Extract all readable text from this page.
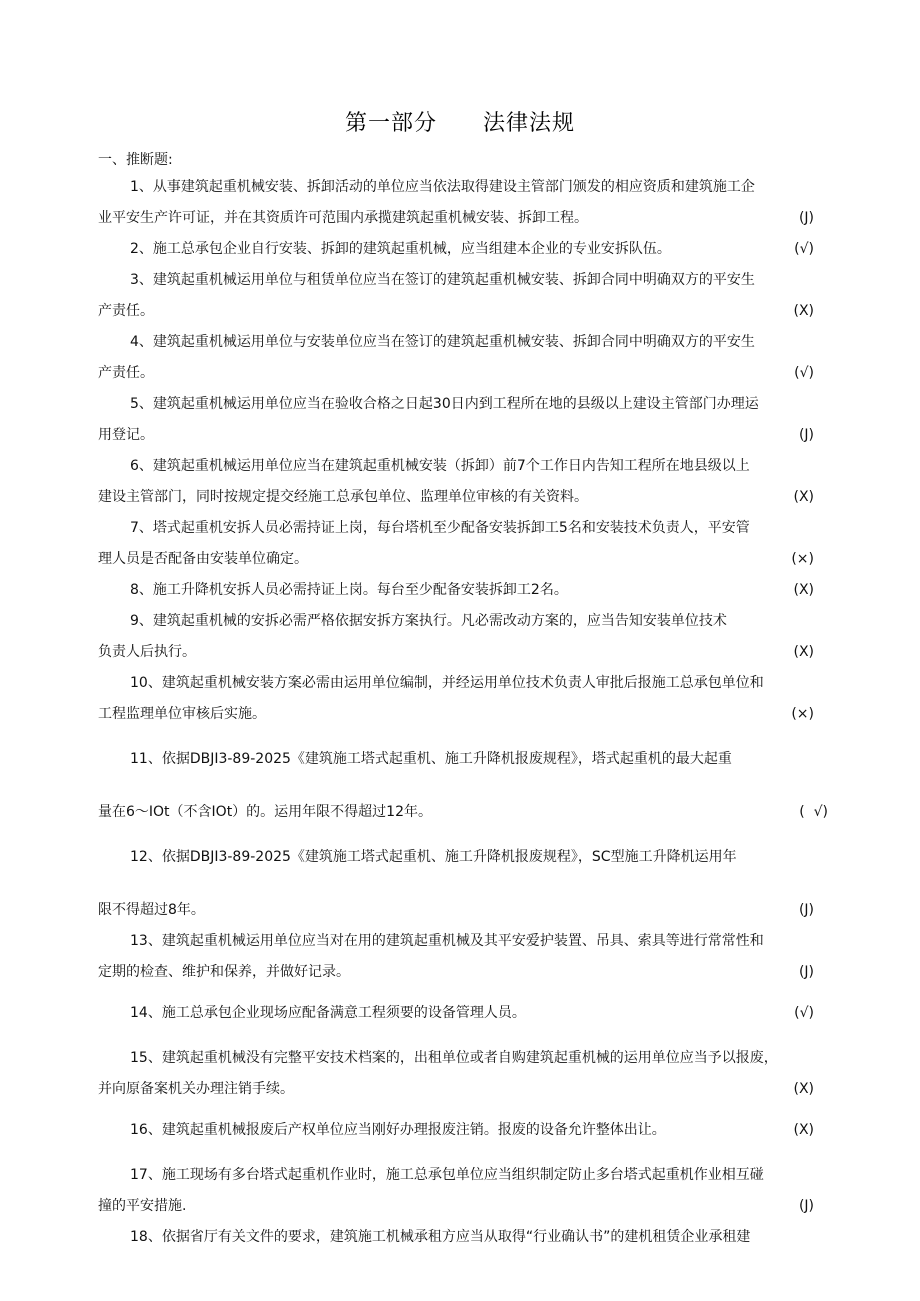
第一部分 法律法规
一、推断题:
1、从事建筑起重机械安装、拆卸活动的单位应当依法取得建设主管部门颁发的相应资质和建筑施工企
业平安生产许可证，并在其资质许可范围内承揽建筑起重机械安装、拆卸工程。	(J)
2、施工总承包企业自行安装、拆卸的建筑起重机械，应当组建本企业的专业安拆队伍。	(√)
3、建筑起重机械运用单位与租赁单位应当在签订的建筑起重机械安装、拆卸合同中明确双方的平安生
产责任。	(X)
4、建筑起重机械运用单位与安装单位应当在签订的建筑起重机械安装、拆卸合同中明确双方的平安生
产责任。	(√)
5、建筑起重机械运用单位应当在验收合格之日起30日内到工程所在地的县级以上建设主管部门办理运
用登记。	(J)
6、建筑起重机械运用单位应当在建筑起重机械安装（拆卸）前7个工作日内告知工程所在地县级以上
建设主管部门，同时按规定提交经施工总承包单位、监理单位审核的有关资料。	(X)
7、塔式起重机安拆人员必需持证上岗，每台塔机至少配备安装拆卸工5名和安装技术负责人，平安管
理人员是否配备由安装单位确定。	(×)
8、施工升降机安拆人员必需持证上岗。每台至少配备安装拆卸工2名。	(X)
9、建筑起重机械的安拆必需严格依据安拆方案执行。凡必需改动方案的，应当告知安装单位技术
负责人后执行。	(X)
10、建筑起重机械安装方案必需由运用单位编制，并经运用单位技术负责人审批后报施工总承包单位和
工程监理单位审核后实施。	(×)
11、依据DBJI3-89-2025《建筑施工塔式起重机、施工升降机报废规程》，塔式起重机的最大起重
量在6～IOt（不含IOt）的。运用年限不得超过12年。	(  √)
12、依据DBJI3-89-2025《建筑施工塔式起重机、施工升降机报废规程》，SC型施工升降机运用年
限不得超过8年。	(J)
13、建筑起重机械运用单位应当对在用的建筑起重机械及其平安爱护装置、吊具、索具等进行常常性和
定期的检查、维护和保养，并做好记录。	(J)
14、施工总承包企业现场应配备满意工程须要的设备管理人员。	(√)
15、建筑起重机械没有完整平安技术档案的，出租单位或者自购建筑起重机械的运用单位应当予以报废，
并向原备案机关办理注销手续。	(X)
16、建筑起重机械报废后产权单位应当刚好办理报废注销。报废的设备允许整体出让。	(X)
17、施工现场有多台塔式起重机作业时，施工总承包单位应当组织制定防止多台塔式起重机作业相互碰
撞的平安措施.	(J)
18、依据省厅有关文件的要求，建筑施工机械承租方应当从取得“行业确认书”的建机租赁企业承租建
